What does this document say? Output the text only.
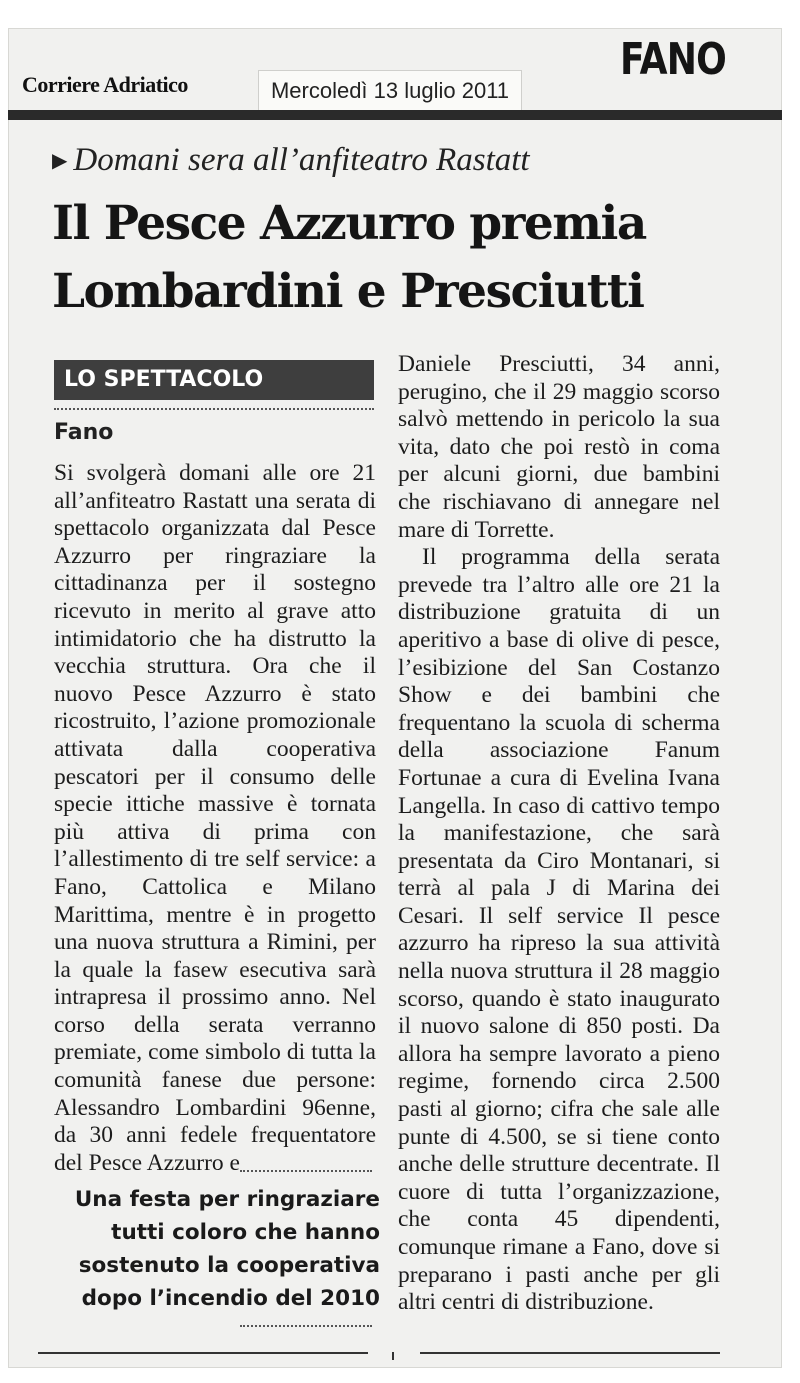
Corriere Adriatico	Mercoledì 13 luglio 2011
FANO
▶ Domani sera all’anfiteatro Rastatt
Il Pesce Azzurro premia
Lombardini e Presciutti
LO SPETTACOLO
Fano

Si svolgerà domani alle ore 21 all’anfiteatro Rastatt una serata di spettacolo organizzata dal Pesce Azzurro per ringraziare la cittadinanza per il sostegno ricevuto in merito al grave atto intimidatorio che ha distrutto la vecchia struttura. Ora che il nuovo Pesce Azzurro è stato ricostruito, l’azione promozionale attivata dalla cooperativa pescatori per il consumo delle specie ittiche massive è tornata più attiva di prima con l’allestimento di tre self service: a Fano, Cattolica e Milano Marittima, mentre è in progetto una nuova struttura a Rimini, per la quale la fasew esecutiva sarà intrapresa il prossimo anno. Nel corso della serata verranno premiate, come simbolo di tutta la comunità fanese due persone: Alessandro Lombardini 96enne, da 30 anni fedele frequentatore del Pesce Azzurro e

Daniele Presciutti, 34 anni, perugino, che il 29 maggio scorso salvò mettendo in pericolo la sua vita, dato che poi restò in coma per alcuni giorni, due bambini che rischiavano di annegare nel mare di Torrette.

Il programma della serata prevede tra l’altro alle ore 21 la distribuzione gratuita di un aperitivo a base di olive di pesce, l’esibizione del San Costanzo Show e dei bambini che frequentano la scuola di scherma della associazione Fanum Fortunae a cura di Evelina Ivana Langella. In caso di cattivo tempo la manifestazione, che sarà presentata da Ciro Montanari, si terrà al pala J di Marina dei Cesari. Il self service Il pesce azzurro ha ripreso la sua attività nella nuova struttura il 28 maggio scorso, quando è stato inaugurato il nuovo salone di 850 posti. Da allora ha sempre lavorato a pieno regime, fornendo circa 2.500 pasti al giorno; cifra che sale alle punte di 4.500, se si tiene conto anche delle strutture decentrate. Il cuore di tutta l’organizzazione, che conta 45 dipendenti, comunque rimane a Fano, dove si preparano i pasti anche per gli altri centri di distribuzione.

Una festa per ringraziare tutti coloro che hanno sostenuto la cooperativa dopo l’incendio del 2010
